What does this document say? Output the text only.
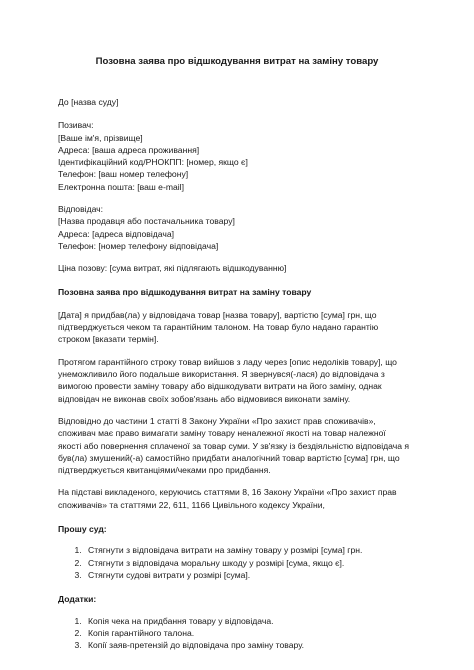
Позовна заява про відшкодування витрат на заміну товару
До [назва суду]
Позивач:
[Ваше ім'я, прізвище]
Адреса: [ваша адреса проживання]
Ідентифікаційний код/РНОКПП: [номер, якщо є]
Телефон: [ваш номер телефону]
Електронна пошта: [ваш e-mail]
Відповідач:
[Назва продавця або постачальника товару]
Адреса: [адреса відповідача]
Телефон: [номер телефону відповідача]
Ціна позову: [сума витрат, які підлягають відшкодуванню]
Позовна заява про відшкодування витрат на заміну товару
[Дата] я придбав(ла) у відповідача товар [назва товару], вартістю [сума] грн, що
підтверджується чеком та гарантійним талоном. На товар було надано гарантію
строком [вказати термін].
Протягом гарантійного строку товар вийшов з ладу через [опис недоліків товару], що
унеможливило його подальше використання. Я звернувся(-лася) до відповідача з
вимогою провести заміну товару або відшкодувати витрати на його заміну, однак
відповідач не виконав своїх зобов'язань або відмовився виконати заміну.
Відповідно до частини 1 статті 8 Закону України «Про захист прав споживачів»,
споживач має право вимагати заміну товару неналежної якості на товар належної
якості або повернення сплаченої за товар суми. У зв'язку із бездіяльністю відповідача я
був(ла) змушений(-а) самостійно придбати аналогічний товар вартістю [сума] грн, що
підтверджується квитанціями/чеками про придбання.
На підставі викладеного, керуючись статтями 8, 16 Закону України «Про захист прав
споживачів» та статтями 22, 611, 1166 Цивільного кодексу України,
Прошу суд:
1. Стягнути з відповідача витрати на заміну товару у розмірі [сума] грн.
2. Стягнути з відповідача моральну шкоду у розмірі [сума, якщо є].
3. Стягнути судові витрати у розмірі [сума].
Додатки:
1. Копія чека на придбання товару у відповідача.
2. Копія гарантійного талона.
3. Копії заяв-претензій до відповідача про заміну товару.
